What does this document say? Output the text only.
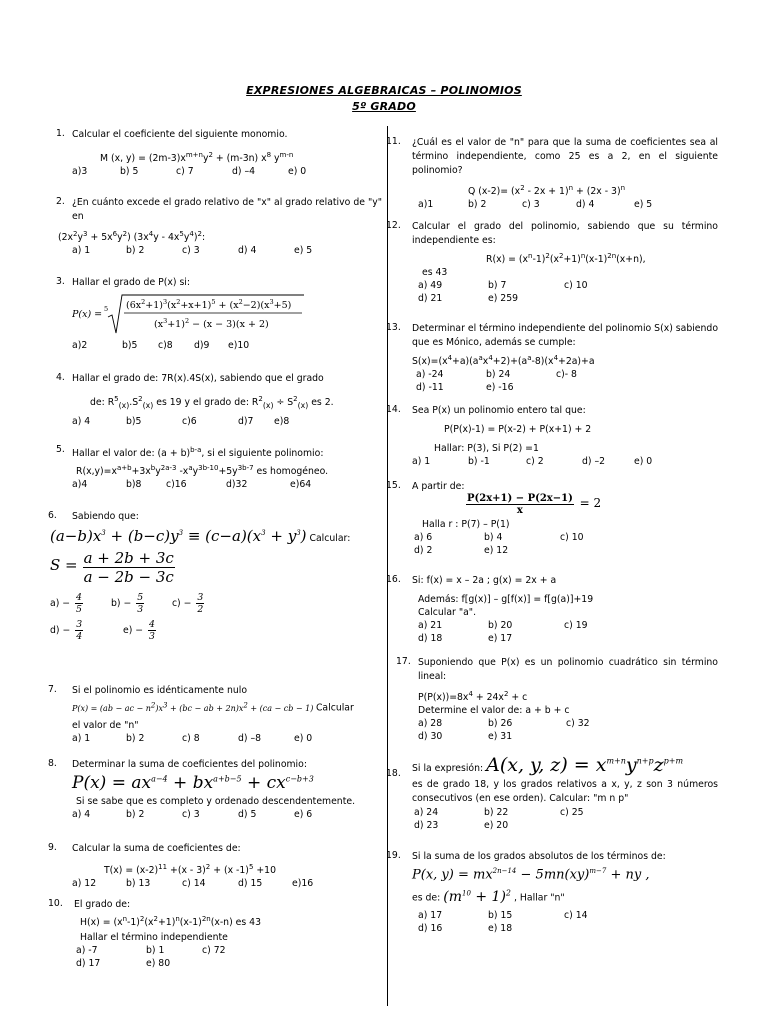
EXPRESIONES ALGEBRAICAS – POLINOMIOS
5º GRADO
1. Calcular el coeficiente del siguiente monomio.
M (x, $y) = (2m-3)x^{m+n}y^2 + (m-3n)$ $x^8$ $y^{m-n}$
a)3	b) 5	c) 7	d) –4	e) 0
2. ¿En cuánto excede el grado relativo de "x" al grado relativo de "y" en
$(2x^2y^3 + 5x^6y^2)$ $(3x^4y - 4x^5y^4)^2$:
a) 1	b) 2	c) 3	d) 4	e) 5
3. Hallar el grado de P(x) si:
P(x) = 5 $(6x^2+1)^3(x^2+x+1)^5 + (x^2-2)(x^3+5)$
$(x^3+1)^2 - (x - 3)(x + 2)$
a)2	b)5	c)8	d)9	e)10
4. Hallar el grado de: 7R(x).4S(x), sabiendo que el grado
de: $R^5_{(x)}.S^2_{(x)}$ es 19 y el grado de: $R^2_{(x)} \div S^2_{(x)}$ es 2.
a) 4	b)5	c)6	d)7	e)8
5. Hallar el valor de: $(a + b)^{b-a}$, si el siguiente polinomio:
$R(x,y)=x^{a+b}+3x^by^{2a-3}$ $-x^ay^{3b-10}+5y^{3b-7}$ es homogéneo.
a)4	b)8	c)16	d)32	e)64
6. Sabiendo que:
$(a-b)x^3 + (b-c)y^3 \equiv (c-a)(x^3 + y^3)$ Calcular:
$S = \frac{a + 2b + 3c}{a - 2b - 3c}$
$a) - \frac{4}{5}$	$b) - \frac{5}{3}$	$c) - \frac{3}{2}$
$d) - \frac{3}{4}$	$e) - \frac{4}{3}$
7. Si el polinomio es idénticamente nulo
P(x) = (ab − ac − $n^2)x^3 + (bc$ − ab + $2n)x^2 + (ca$ − cb − 1) Calcular
el valor de "n"
a) 1	b) 2	c) 8	d) –8	e) 0
8. Determinar la suma de coeficientes del polinomio:
$P(x) = ax^{a-4} + bx^{a+b-5} + cx^{c-b+3}$
Si se sabe que es completo y ordenado descendentemente.
a) 4	b) 2	c) 3	d) 5	e) 6
9. Calcular la suma de coeficientes de:
$T(x) = (x-2)^{11} +(x - 3)^2 + (x$ -1)$^5$ +10
a) 12	b) 13	c) 14	d) 15	e)16
10. El grado de:
$H(x) = (x^n-1)^2(x^2+1)^n(x-1)^{2n}(x-n)$ es 43
Hallar el término independiente
a) -7	b) 1	c) 72
d) 17	e) 80
11. ¿Cuál es el valor de "n" para que la suma de coeficientes sea al término independiente, como 25 es a 2, en el siguiente polinomio?
Q $(x-2)= (x^2 - 2x + 1)^n + (2x - 3)^n$
a)1	b) 2	c) 3	d) 4	e) 5
12. Calcular el grado del polinomio, sabiendo que su término independiente es:
$R(x) = (x^n-1)^2(x^2+1)^n(x-1)^{2n}(x+n)$,
es 43
a) 49	b) 7	c) 10
d) 21	e) 259
13. Determinar el término independiente del polinomio S(x) sabiendo que es Mónico, además se cumple:
$S(x)=(x^4+a)(a^ax^4+2)+(a^a-8)(x^4+2a)+a$
a) -24	b) 24	c)- 8
d) -11	e) -16
14. Sea P(x) un polinomio entero tal que:
P(P(x)-1) = P(x-2) + P(x+1) + 2
Hallar: P(3), Si P(2) =1
a) 1	b) -1	c) 2	d) –2	e) 0
15. A partir de:
$\frac{P(2x+1) - P(2x-1)}{x} = 2$
Halla r : P(7) – P(1)
a) 6	b) 4	c) 10
d) 2	e) 12
16. Si: f(x) = x – 2a ; g(x) = 2x + a
Además: f[g(x)] – g[f(x)] = f[g(a)]+19
Calcular "a".
a) 21	b) 20	c) 19
d) 18	e) 17
17. Suponiendo que P(x) es un polinomio cuadrático sin término lineal:
$P(P(x))=8x^4 + 24x^2 + c$
Determine el valor de: a + b + c
a) 28	b) 26	c) 32
d) 30	e) 31
18. Si la expresión: A(x, y, $z) = x^{m+n}y^{n+p}z^{p+m}$
es de grado 18, y los grados relativos a x, y, z son 3 números consecutivos (en ese orden). Calcular: "m n p"
a) 24	b) 22	c) 25
d) 23	e) 20
19. Si la suma de los grados absolutos de los términos de:
P(x, $y) = mx^{2n-14} - 5mn(xy)^{m-7}$ + ny ,
es de: $(m^{10} + 1)^2$ , Hallar "n"
a) 17	b) 15	c) 14
d) 16	e) 18
